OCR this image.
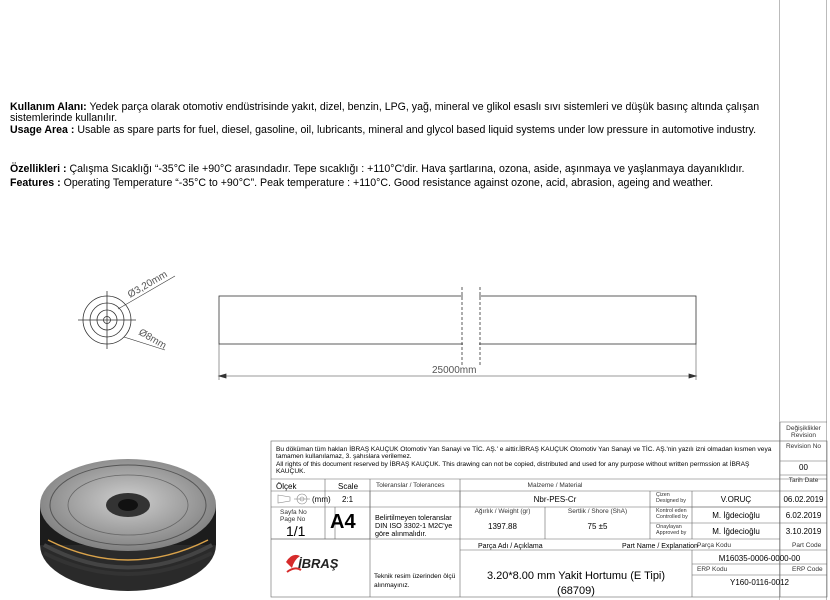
Kullanım Alanı: Yedek parça olarak otomotiv endüstrisinde yakıt, dizel, benzin, LPG, yağ, mineral ve glikol esaslı sıvı sistemleri ve düşük basınç altında çalışan sistemlerinde kullanılır.
Usage Area : Usable as spare parts for fuel, diesel, gasoline, oil, lubricants, mineral and glycol based liquid systems under low pressure in automotive industry.
Özellikleri : Çalışma Sıcaklığı “-35°C ile +90°C arasındadır. Tepe sıcaklığı : +110°C'dir. Hava şartlarına, ozona, aside, aşınmaya ve yaşlanmaya dayanıklıdır.
Features : Operating Temperature “-35°C to +90°C”. Peak temperature : +110°C. Good resistance against ozone, acid, abrasion, ageing and weather.
Ø3,20mm
Ø8mm
25000mm
Değişiklikler Revision
Revision No
00
Tarih Date
Bu döküman tüm hakları İBRAŞ KAUÇUK Otomotiv Yan Sanayi ve TİC. AŞ.' e aittir.İBRAŞ KAUÇUK Otomotiv Yan Sanayi ve TİC. AŞ.'nin yazılı izni olmadan kısmen veya tamamen kullanılamaz, 3. şahıslara verilemez.
All rights of this document reserved by İBRAŞ KAUÇUK. This drawing can not be copied, distributed and used for any purpose without written permssion at İBRAŞ KAUÇUK.
Ölçek	Scale
(mm) 2:1
Toleranslar / Tolerances	Malzeme / Material
Nbr-PES-Cr
Ağırlık / Weight (gr)
1397.88
Sertlik / Shore (ShA)
75 ±5
Sayfa No Page No
1/1 A4	Belirtilmeyen toleranslar DIN ISO 3302-1 M2C'ye göre alınmalıdır.
Çizen Designed by	V.ORUÇ	06.02.2019
Kontrol eden Controlled by	M. İğdecioğlu	6.02.2019
Onaylayan Approved by	M. İğdecioğlu	3.10.2019
Parça Adı / Açıklama	Part Name / Explanation Parça Kodu	Part Code
M16035-0006-0000-00
ERP Kodu	ERP Code
Y160-0116-0012
3.20*8.00 mm Yakit Hortumu (E Tipi)
(68709)
Teknik resim üzerinden ölçü alınmayınız.
İBRAŞ
